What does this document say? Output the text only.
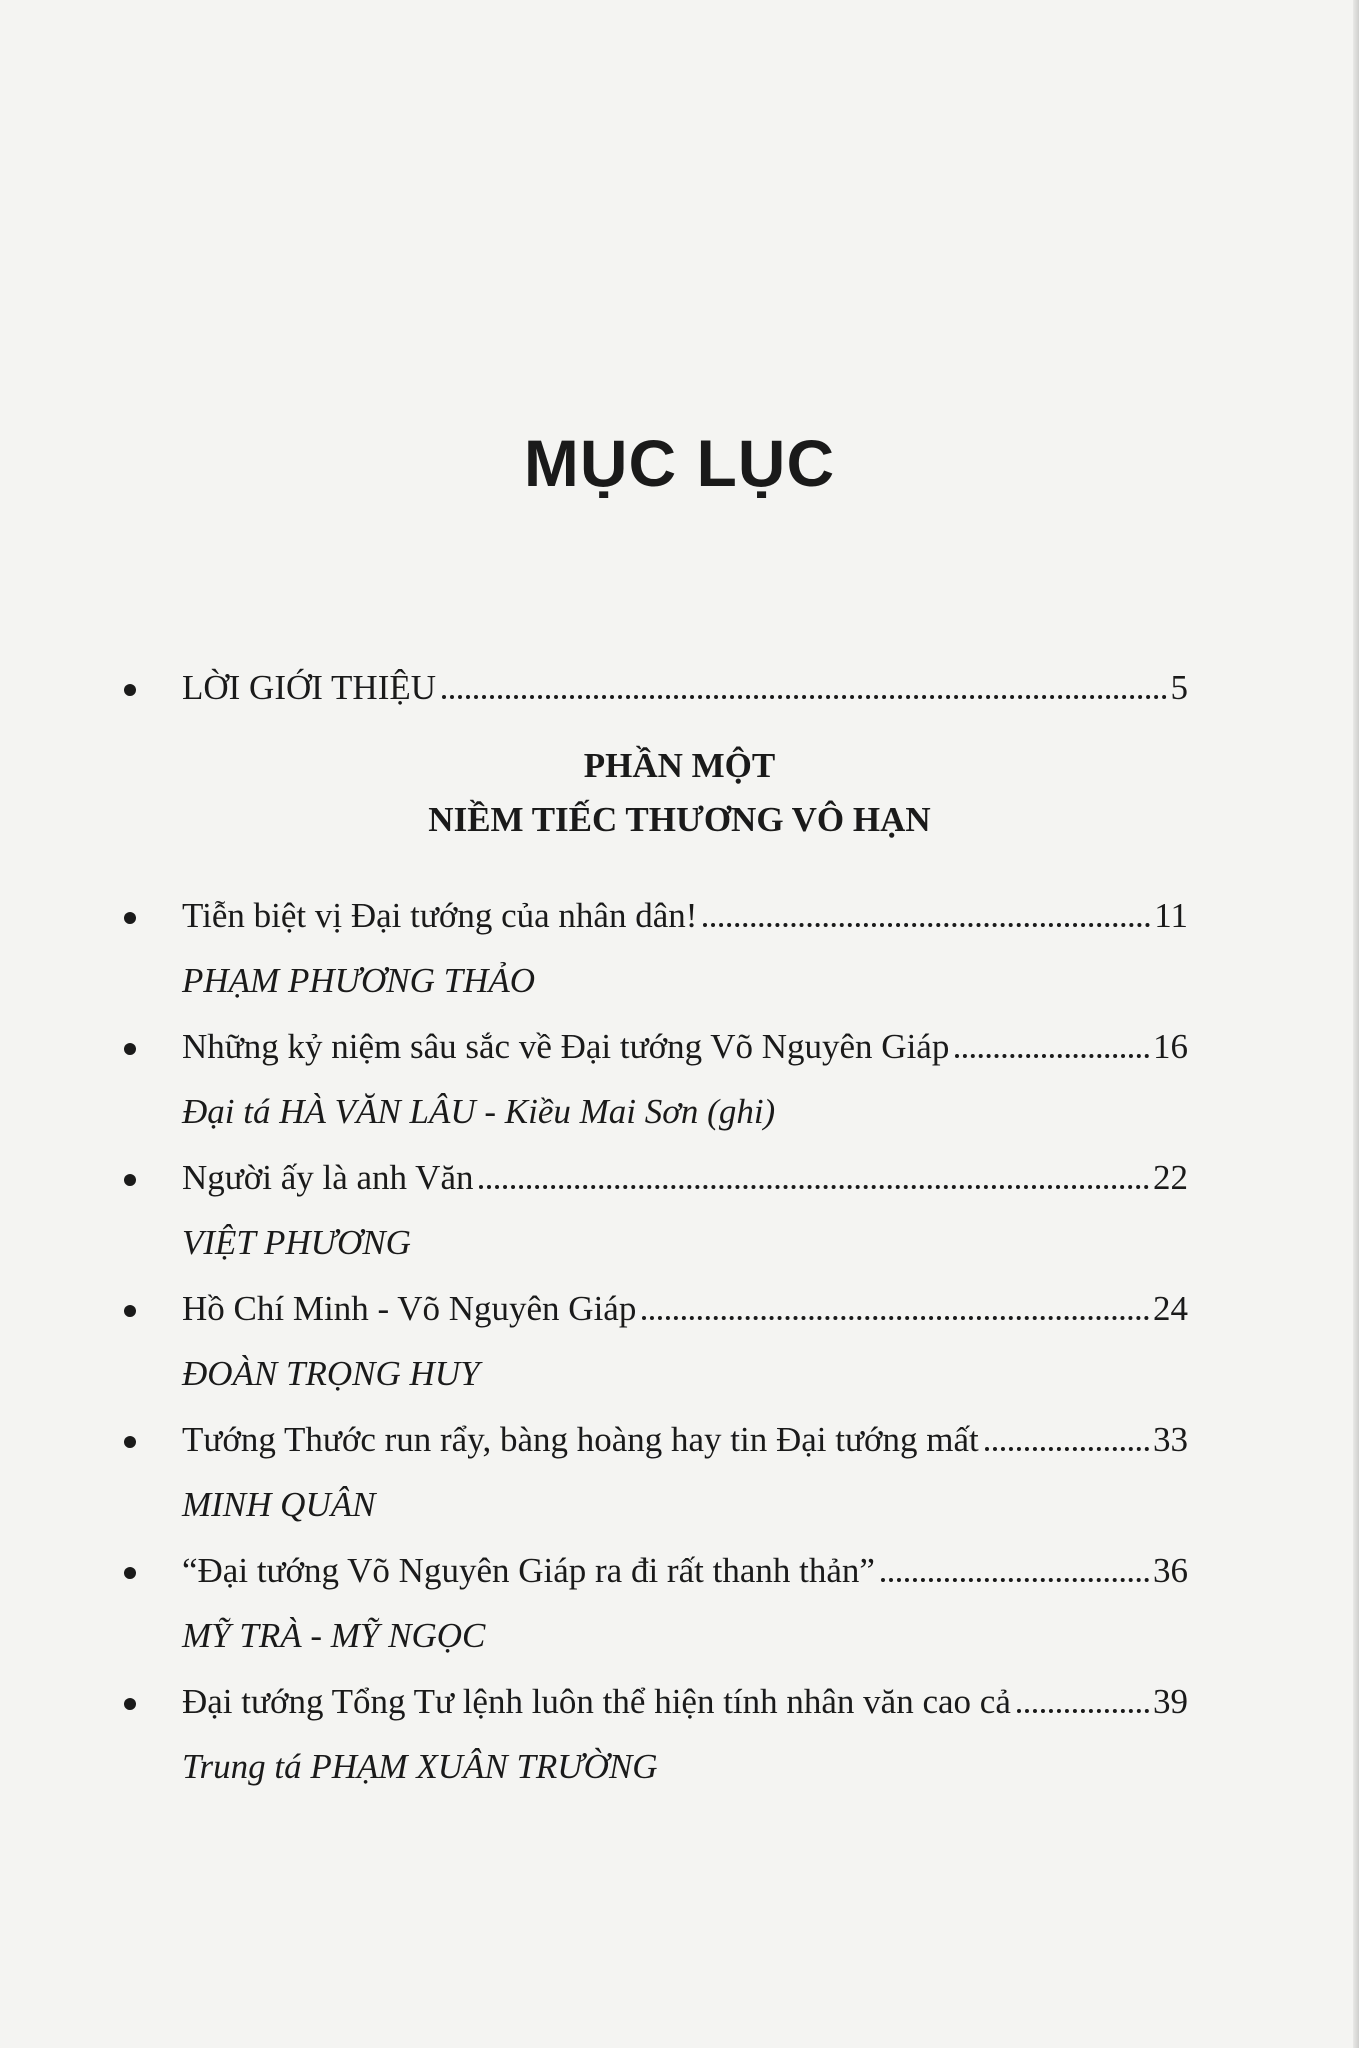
MỤC LỤC
LỜI GIỚI THIỆU	5
PHẦN MỘT
NIỀM TIẾC THƯƠNG VÔ HẠN
Tiễn biệt vị Đại tướng của nhân dân!	11
PHẠM PHƯƠNG THẢO
Những kỷ niệm sâu sắc về Đại tướng Võ Nguyên Giáp	16
Đại tá HÀ VĂN LÂU - Kiều Mai Sơn (ghi)
Người ấy là anh Văn	22
VIỆT PHƯƠNG
Hồ Chí Minh - Võ Nguyên Giáp	24
ĐOÀN TRỌNG HUY
Tướng Thước run rẩy, bàng hoàng hay tin Đại tướng mất	33
MINH QUÂN
“Đại tướng Võ Nguyên Giáp ra đi rất thanh thản”	36
MỸ TRÀ - MỸ NGỌC
Đại tướng Tổng Tư lệnh luôn thể hiện tính nhân văn cao cả	39
Trung tá PHẠM XUÂN TRƯỜNG
